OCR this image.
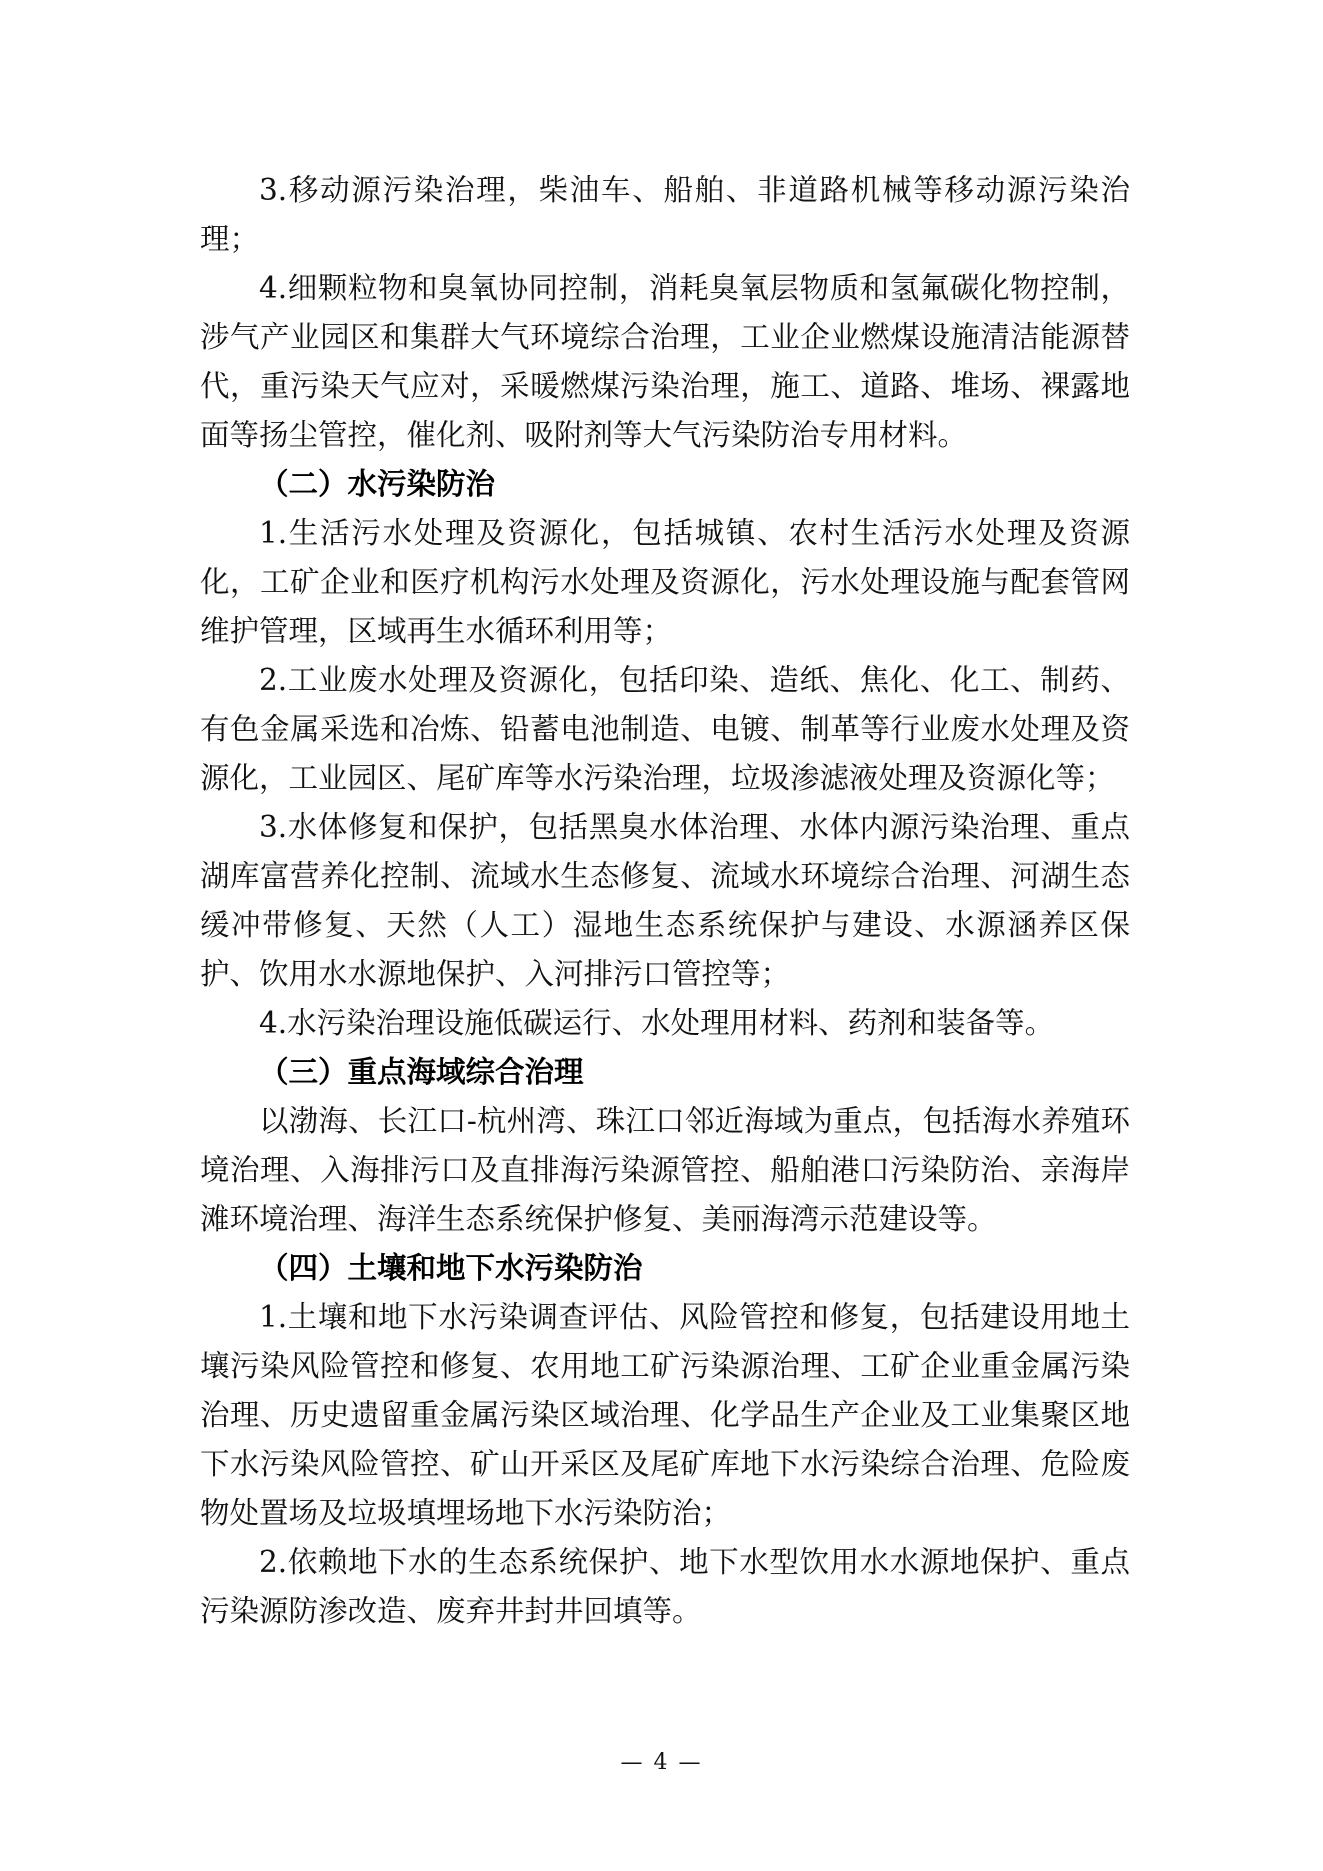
3.移动源污染治理，柴油车、船舶、非道路机械等移动源污染治理；

4.细颗粒物和臭氧协同控制，消耗臭氧层物质和氢氟碳化物控制，涉气产业园区和集群大气环境综合治理，工业企业燃煤设施清洁能源替代，重污染天气应对，采暖燃煤污染治理，施工、道路、堆场、裸露地面等扬尘管控，催化剂、吸附剂等大气污染防治专用材料。

（二）水污染防治

1.生活污水处理及资源化，包括城镇、农村生活污水处理及资源化，工矿企业和医疗机构污水处理及资源化，污水处理设施与配套管网维护管理，区域再生水循环利用等；

2.工业废水处理及资源化，包括印染、造纸、焦化、化工、制药、有色金属采选和冶炼、铅蓄电池制造、电镀、制革等行业废水处理及资源化，工业园区、尾矿库等水污染治理，垃圾渗滤液处理及资源化等；

3.水体修复和保护，包括黑臭水体治理、水体内源污染治理、重点湖库富营养化控制、流域水生态修复、流域水环境综合治理、河湖生态缓冲带修复、天然（人工）湿地生态系统保护与建设、水源涵养区保护、饮用水水源地保护、入河排污口管控等；

4.水污染治理设施低碳运行、水处理用材料、药剂和装备等。

（三）重点海域综合治理

以渤海、长江口-杭州湾、珠江口邻近海域为重点，包括海水养殖环境治理、入海排污口及直排海污染源管控、船舶港口污染防治、亲海岸滩环境治理、海洋生态系统保护修复、美丽海湾示范建设等。

（四）土壤和地下水污染防治

1.土壤和地下水污染调查评估、风险管控和修复，包括建设用地土壤污染风险管控和修复、农用地工矿污染源治理、工矿企业重金属污染治理、历史遗留重金属污染区域治理、化学品生产企业及工业集聚区地下水污染风险管控、矿山开采区及尾矿库地下水污染综合治理、危险废物处置场及垃圾填埋场地下水污染防治；

2.依赖地下水的生态系统保护、地下水型饮用水水源地保护、重点污染源防渗改造、废弃井封井回填等。

— 4 —
